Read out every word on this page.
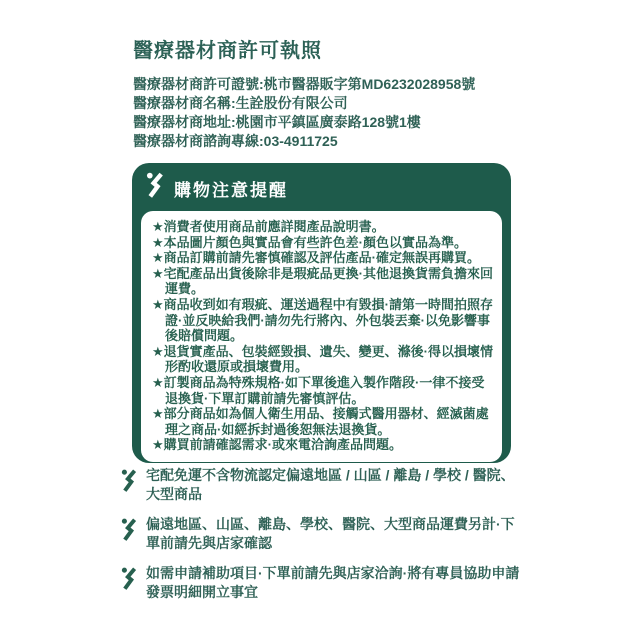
醫療器材商許可執照
醫療器材商許可證號:桃市醫器販字第MD6232028958號
醫療器材商名稱:生詮股份有限公司
醫療器材商地址:桃園市平鎮區廣泰路128號1樓
醫療器材商諮詢專線:03-4911725
購物注意提醒
★消費者使用商品前應詳閱產品說明書。
★本品圖片顏色與實品會有些許色差·顏色以實品為準。
★商品訂購前請先審慎確認及評估產品·確定無誤再購買。
★宅配產品出貨後除非是瑕疵品更換·其他退換貨需負擔來回運費。
★商品收到如有瑕疵、運送過程中有毀損·請第一時間拍照存證·並反映給我們·請勿先行將內、外包裝丟棄·以免影響事後賠償問題。
★退貨實產品、包裝經毀損、遺失、變更、滌後·得以損壞情形酌收還原或損壞費用。
★訂製商品為特殊規格·如下單後進入製作階段·一律不接受退換貨·下單訂購前請先審慎評估。
★部分商品如為個人衛生用品、接觸式醫用器材、經滅菌處理之商品·如經拆封過後恕無法退換貨。
★購買前請確認需求·或來電洽詢產品問題。
宅配免運不含物流認定偏遠地區 / 山區 / 離島 / 學校 / 醫院、大型商品
偏遠地區、山區、離島、學校、醫院、大型商品運費另計·下單前請先與店家確認
如需申請補助項目·下單前請先與店家洽詢·將有專員協助申請發票明細開立事宜
